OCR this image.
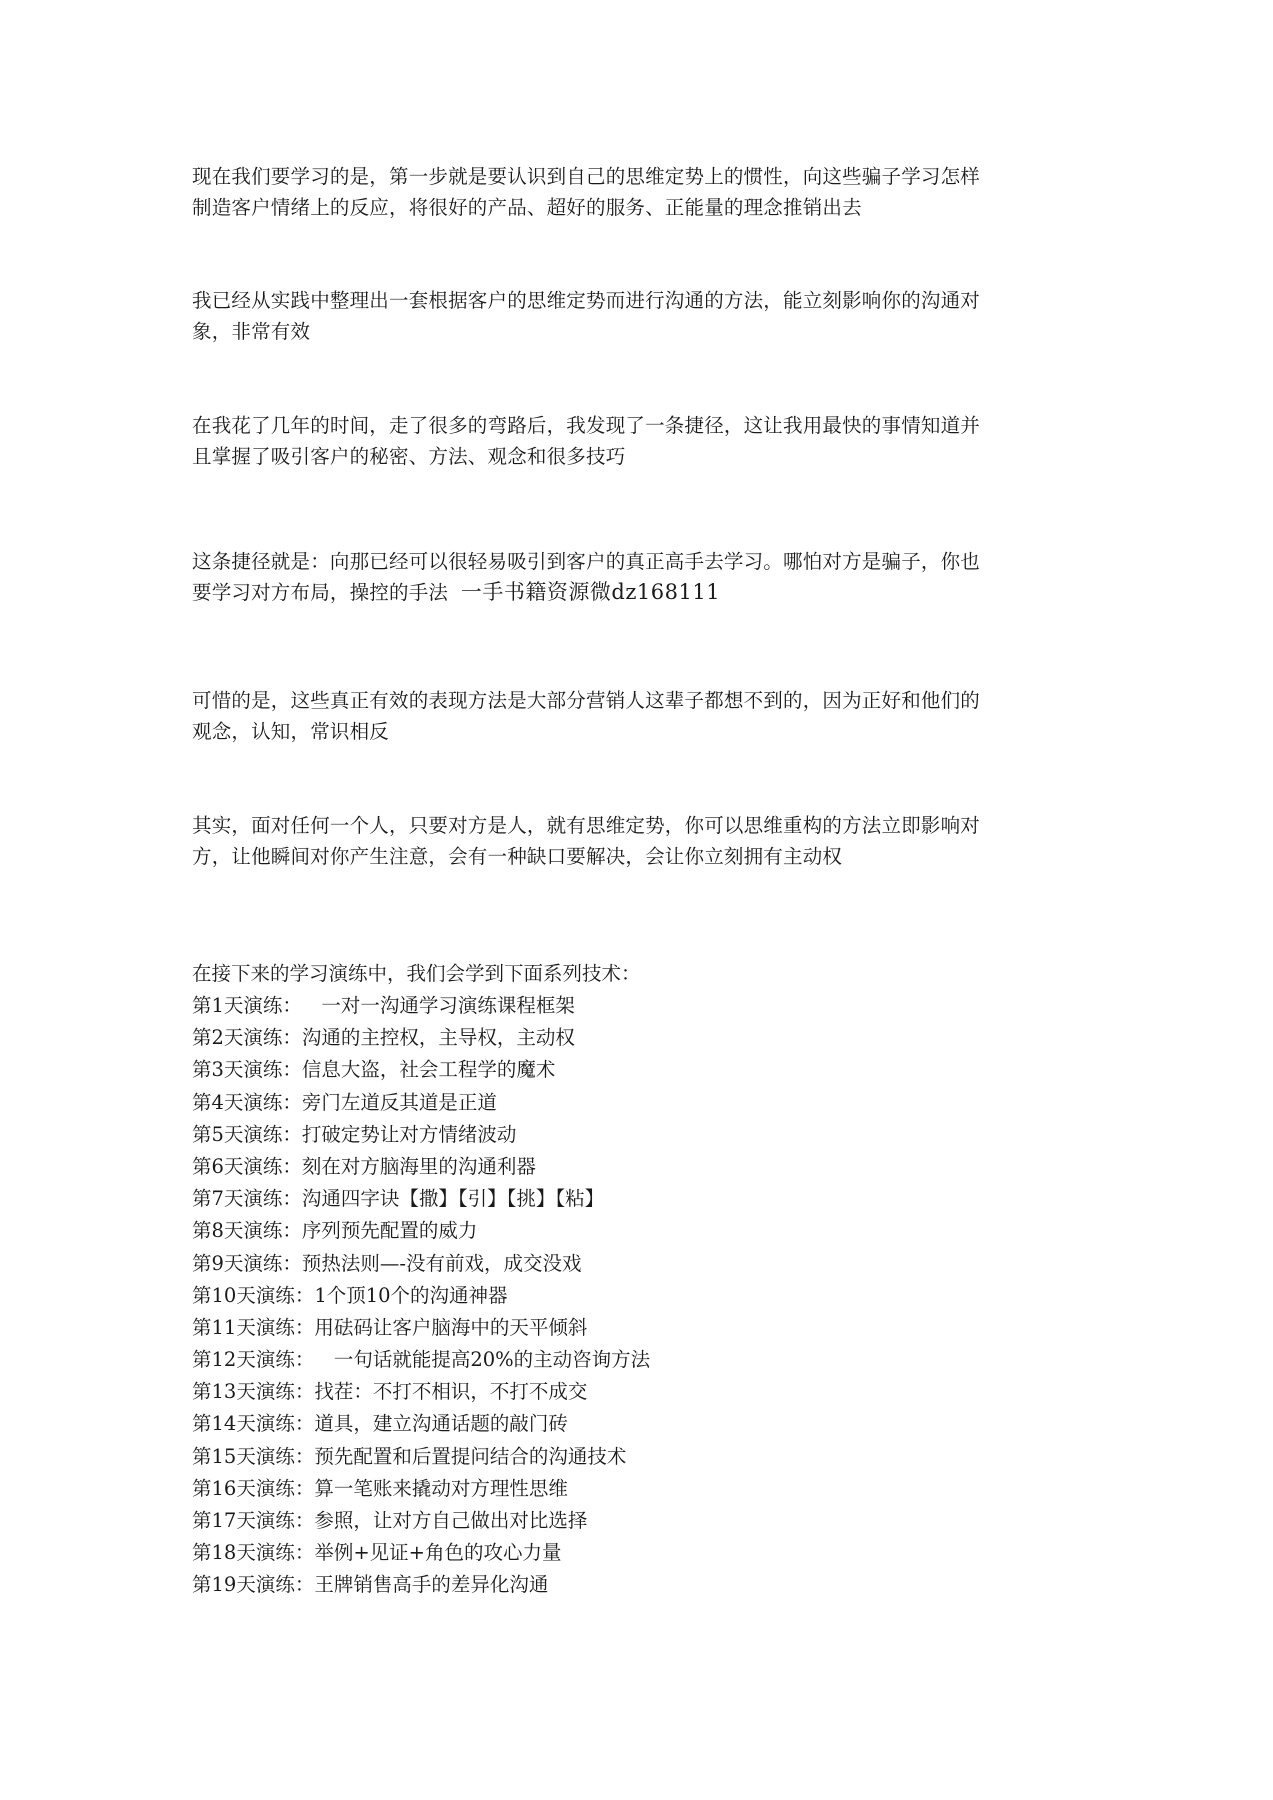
现在我们要学习的是，第一步就是要认识到自己的思维定势上的惯性，向这些骗子学习怎样
制造客户情绪上的反应，将很好的产品、超好的服务、正能量的理念推销出去

我已经从实践中整理出一套根据客户的思维定势而进行沟通的方法，能立刻影响你的沟通对
象，非常有效

在我花了几年的时间，走了很多的弯路后，我发现了一条捷径，这让我用最快的事情知道并
且掌握了吸引客户的秘密、方法、观念和很多技巧

这条捷径就是：向那已经可以很轻易吸引到客户的真正高手去学习。哪怕对方是骗子，你也
要学习对方布局，操控的手法 一手书籍资源微dz168111

可惜的是，这些真正有效的表现方法是大部分营销人这辈子都想不到的，因为正好和他们的
观念，认知，常识相反

其实，面对任何一个人，只要对方是人，就有思维定势，你可以思维重构的方法立即影响对
方，让他瞬间对你产生注意，会有一种缺口要解决，会让你立刻拥有主动权

在接下来的学习演练中，我们会学到下面系列技术：
第1天演练：　一对一沟通学习演练课程框架
第2天演练：沟通的主控权，主导权，主动权
第3天演练：信息大盗，社会工程学的魔术
第4天演练：旁门左道反其道是正道
第5天演练：打破定势让对方情绪波动
第6天演练：刻在对方脑海里的沟通利器
第7天演练：沟通四字诀【撒】【引】【挑】【粘】
第8天演练：序列预先配置的威力
第9天演练：预热法则—-没有前戏，成交没戏
第10天演练：1个顶10个的沟通神器
第11天演练：用砝码让客户脑海中的天平倾斜
第12天演练：　一句话就能提高20%的主动咨询方法
第13天演练：找茬：不打不相识，不打不成交
第14天演练：道具，建立沟通话题的敲门砖
第15天演练：预先配置和后置提问结合的沟通技术
第16天演练：算一笔账来撬动对方理性思维
第17天演练：参照，让对方自己做出对比选择
第18天演练：举例+见证+角色的攻心力量
第19天演练：王牌销售高手的差异化沟通
